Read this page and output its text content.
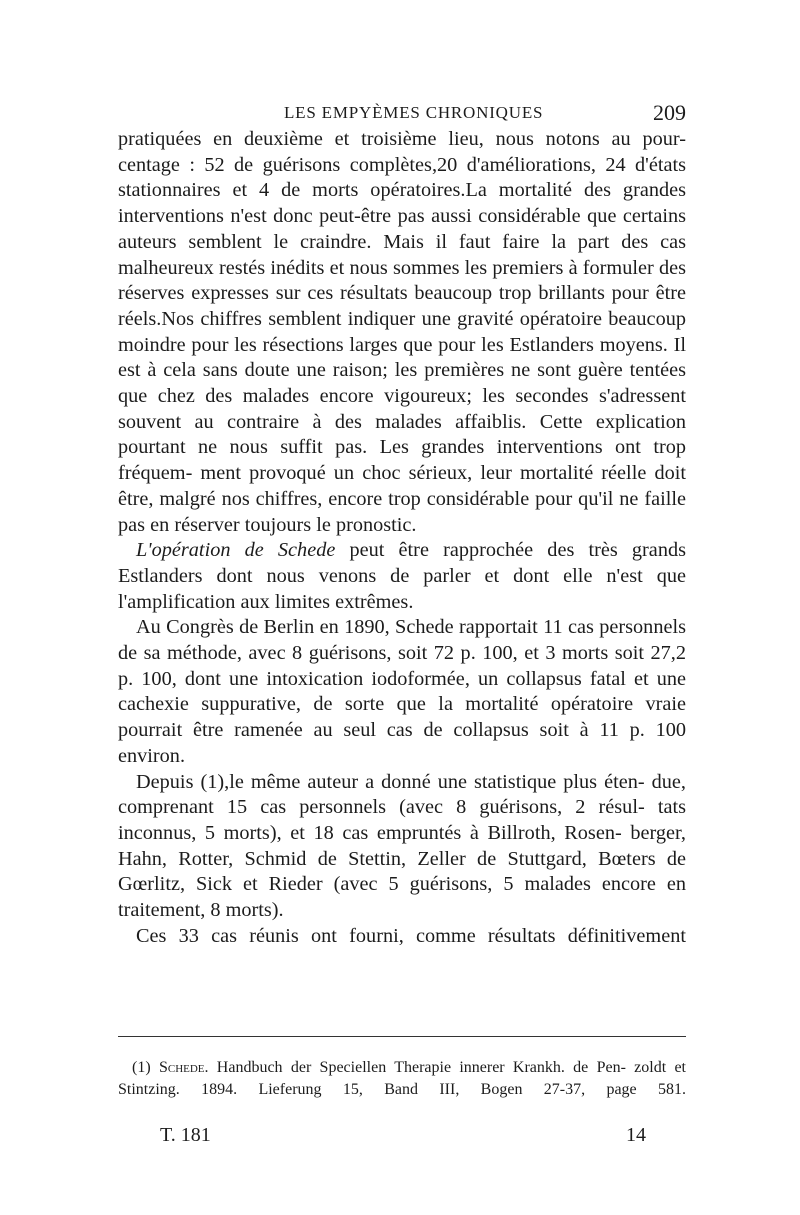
LES EMPYÈMES CHRONIQUES	209

pratiquées en deuxième et troisième lieu, nous notons au pour- centage : 52 de guérisons complètes,20 d'améliorations, 24 d'états stationnaires et 4 de morts opératoires.La mortalité des grandes interventions n'est donc peut-être pas aussi considérable que certains auteurs semblent le craindre. Mais il faut faire la part des cas malheureux restés inédits et nous sommes les premiers à formuler des réserves expresses sur ces résultats beaucoup trop brillants pour être réels.Nos chiffres semblent indiquer une gravité opératoire beaucoup moindre pour les résections larges que pour les Estlanders moyens. Il est à cela sans doute une raison; les premières ne sont guère tentées que chez des malades encore vigoureux; les secondes s'adressent souvent au contraire à des malades affaiblis. Cette explication pourtant ne nous suffit pas. Les grandes interventions ont trop fréquem- ment provoqué un choc sérieux, leur mortalité réelle doit être, malgré nos chiffres, encore trop considérable pour qu'il ne faille pas en réserver toujours le pronostic.

L'opération de Schede peut être rapprochée des très grands Estlanders dont nous venons de parler et dont elle n'est que l'amplification aux limites extrêmes.

Au Congrès de Berlin en 1890, Schede rapportait 11 cas personnels de sa méthode, avec 8 guérisons, soit 72 p. 100, et 3 morts soit 27,2 p. 100, dont une intoxication iodoformée, un collapsus fatal et une cachexie suppurative, de sorte que la mortalité opératoire vraie pourrait être ramenée au seul cas de collapsus soit à 11 p. 100 environ.

Depuis (1),le même auteur a donné une statistique plus éten- due, comprenant 15 cas personnels (avec 8 guérisons, 2 résul- tats inconnus, 5 morts), et 18 cas empruntés à Billroth, Rosen- berger, Hahn, Rotter, Schmid de Stettin, Zeller de Stuttgard, Bœters de Gœrlitz, Sick et Rieder (avec 5 guérisons, 5 malades encore en traitement, 8 morts).

Ces 33 cas réunis ont fourni, comme résultats définitivement

(1) Schede. Handbuch der Speciellen Therapie innerer Krankh. de Pen- zoldt et Stintzing. 1894. Lieferung 15, Band III, Bogen 27-37, page 581.

T. 181	14
